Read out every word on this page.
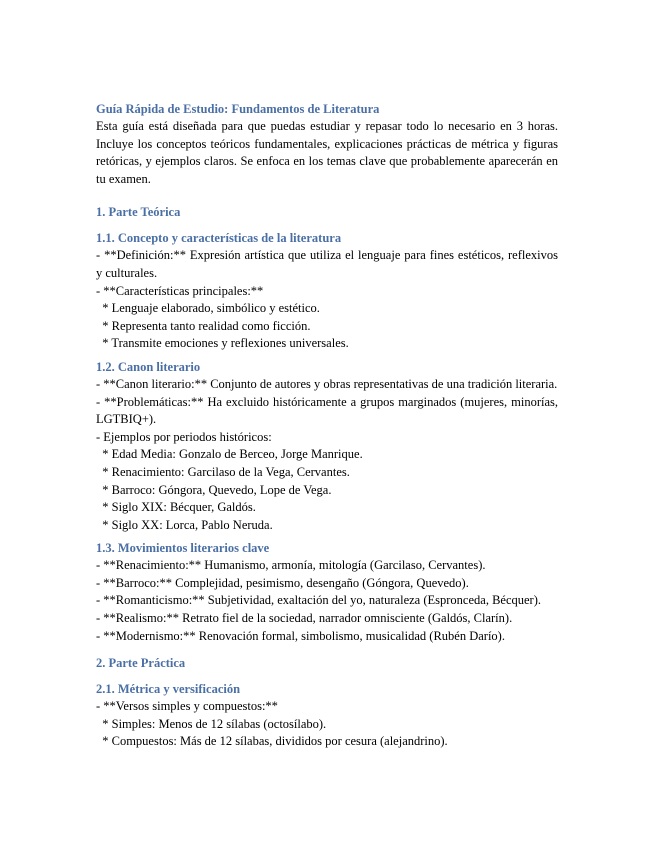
Guía Rápida de Estudio: Fundamentos de Literatura

Esta guía está diseñada para que puedas estudiar y repasar todo lo necesario en 3 horas. Incluye los conceptos teóricos fundamentales, explicaciones prácticas de métrica y figuras retóricas, y ejemplos claros. Se enfoca en los temas clave que probablemente aparecerán en tu examen.

1. Parte Teórica

1.1. Concepto y características de la literatura

- **Definición:** Expresión artística que utiliza el lenguaje para fines estéticos, reflexivos y culturales.

- **Características principales:**

* Lenguaje elaborado, simbólico y estético.

* Representa tanto realidad como ficción.

* Transmite emociones y reflexiones universales.

1.2. Canon literario

- **Canon literario:** Conjunto de autores y obras representativas de una tradición literaria.

- **Problemáticas:** Ha excluido históricamente a grupos marginados (mujeres, minorías, LGTBIQ+).

- Ejemplos por periodos históricos:

* Edad Media: Gonzalo de Berceo, Jorge Manrique.

* Renacimiento: Garcilaso de la Vega, Cervantes.

* Barroco: Góngora, Quevedo, Lope de Vega.

* Siglo XIX: Bécquer, Galdós.

* Siglo XX: Lorca, Pablo Neruda.

1.3. Movimientos literarios clave

- **Renacimiento:** Humanismo, armonía, mitología (Garcilaso, Cervantes).

- **Barroco:** Complejidad, pesimismo, desengaño (Góngora, Quevedo).

- **Romanticismo:** Subjetividad, exaltación del yo, naturaleza (Espronceda, Bécquer).

- **Realismo:** Retrato fiel de la sociedad, narrador omnisciente (Galdós, Clarín).

- **Modernismo:** Renovación formal, simbolismo, musicalidad (Rubén Darío).

2. Parte Práctica

2.1. Métrica y versificación

- **Versos simples y compuestos:**

* Simples: Menos de 12 sílabas (octosílabo).

* Compuestos: Más de 12 sílabas, divididos por cesura (alejandrino).
